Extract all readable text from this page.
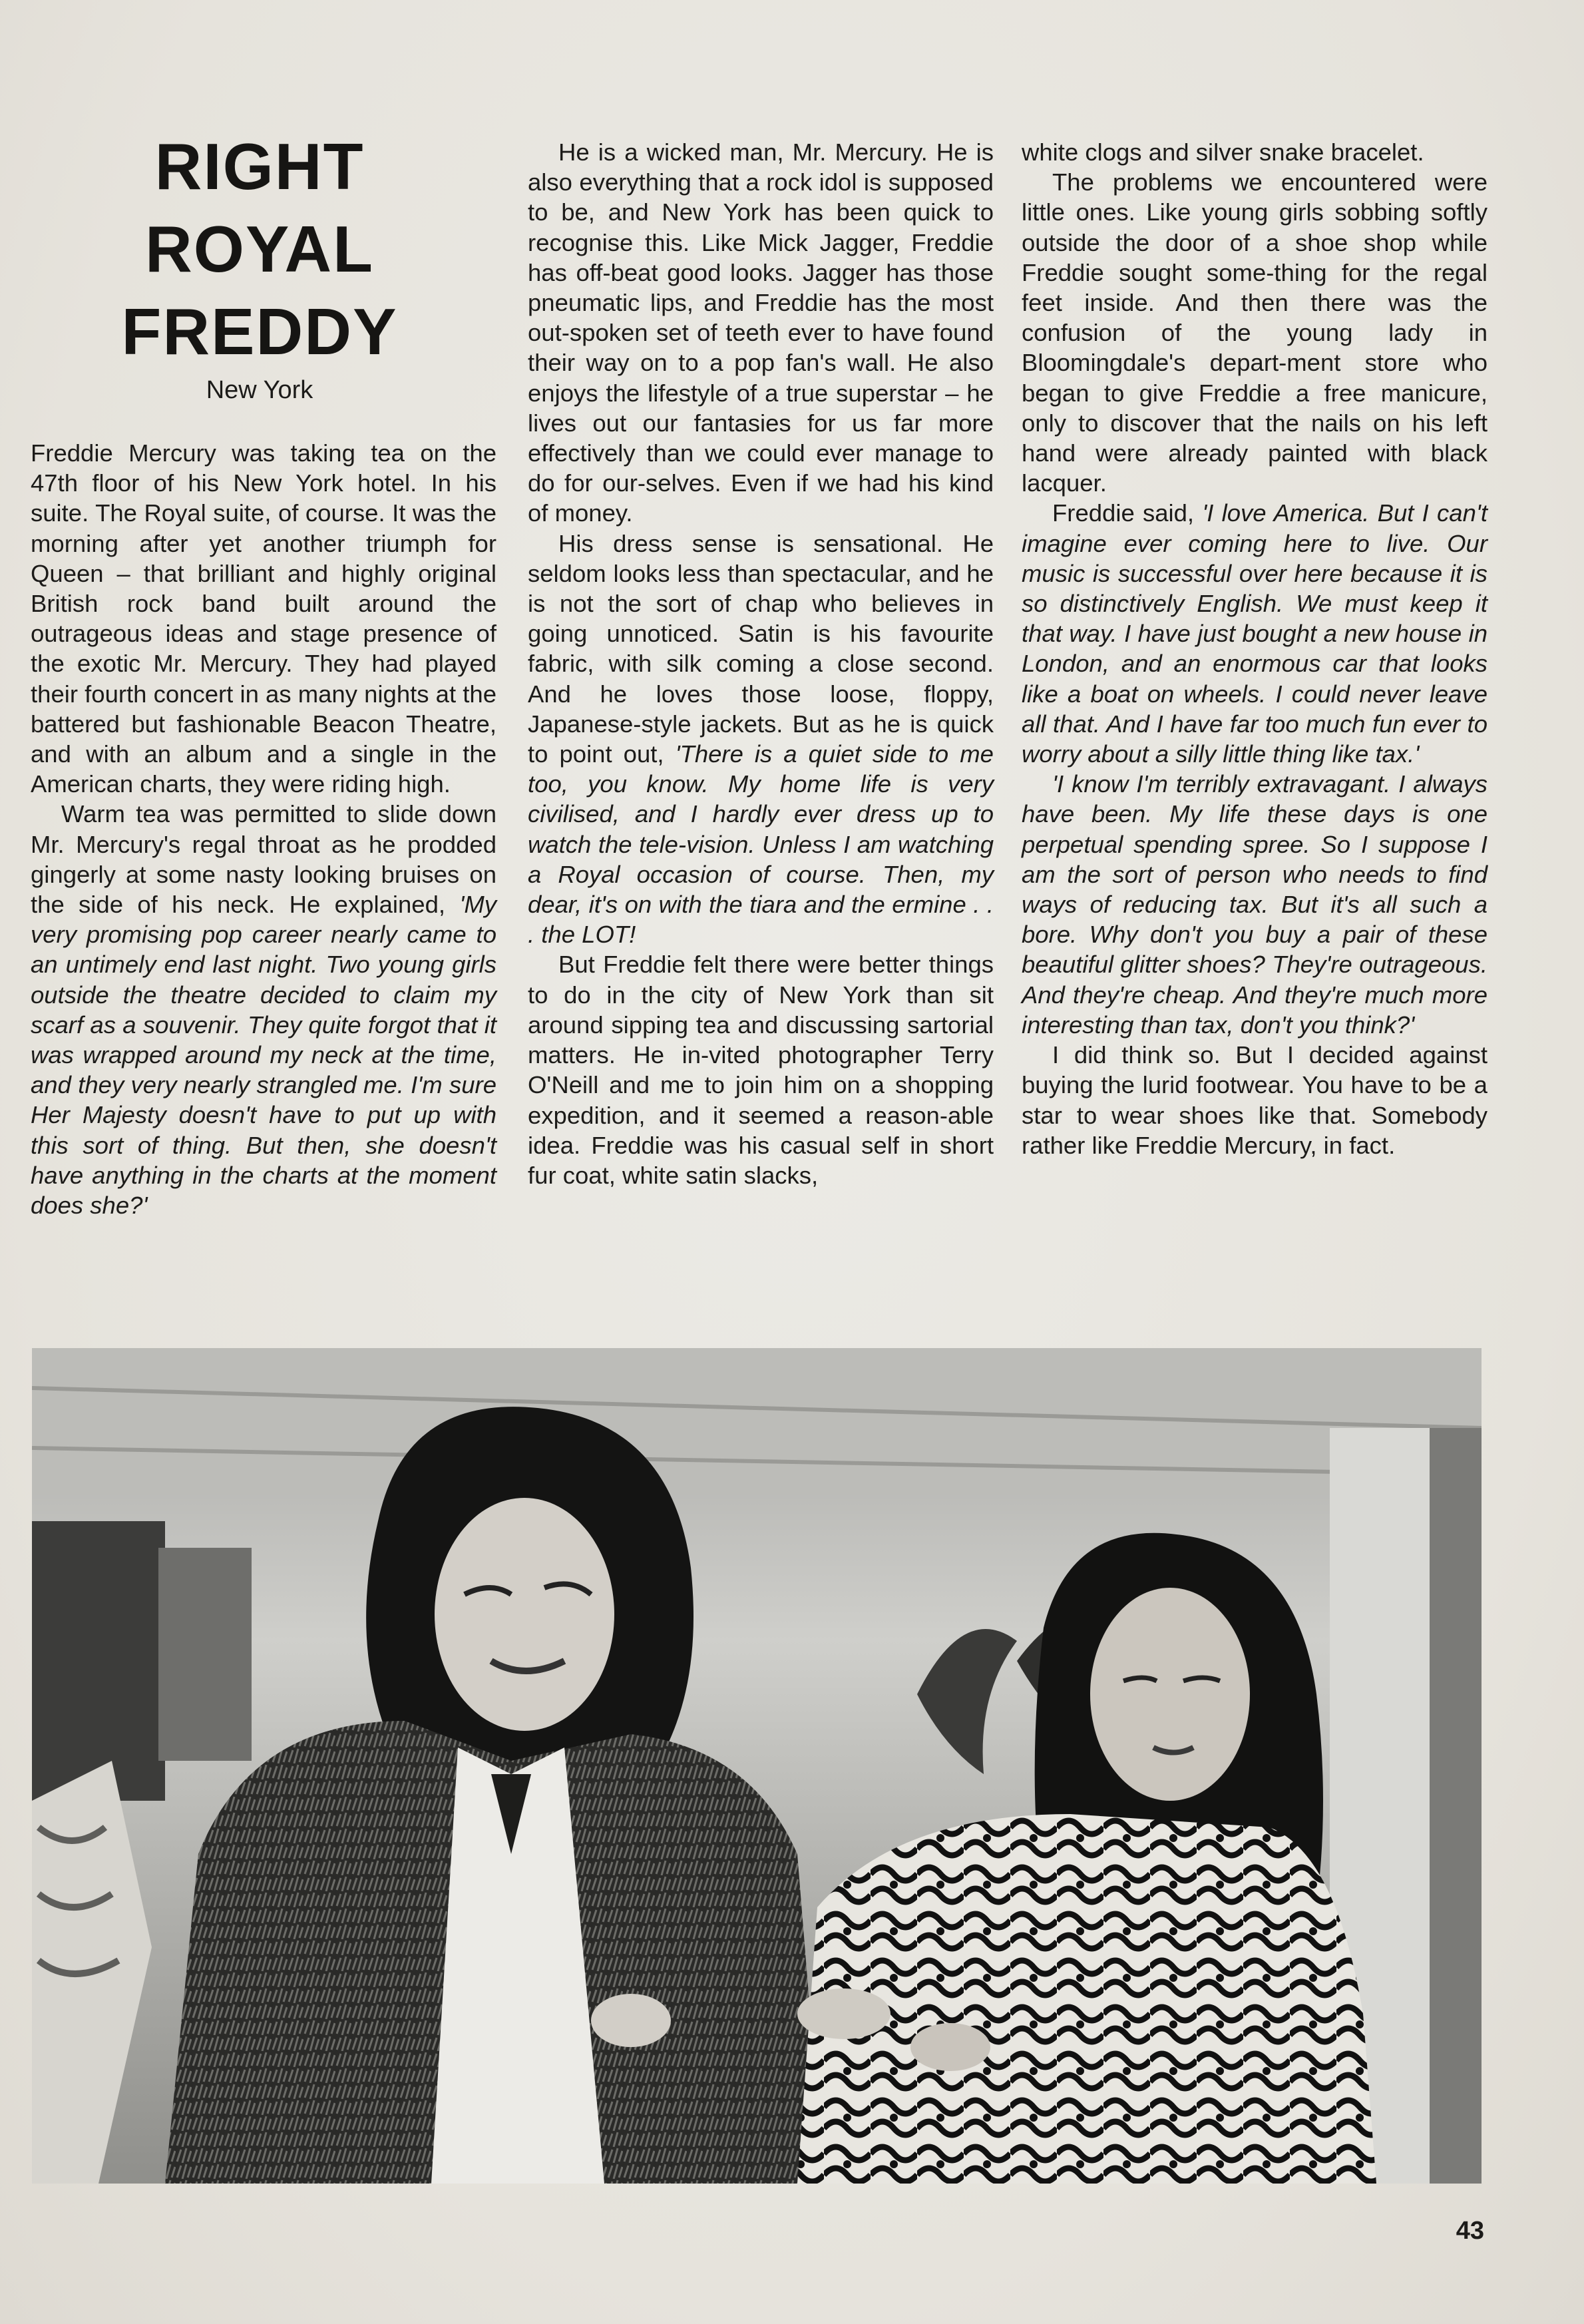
RIGHT
ROYAL
FREDDY
New York

Freddie Mercury was taking tea on the 47th floor of his New York hotel. In his suite. The Royal suite, of course. It was the morning after yet another triumph for Queen – that brilliant and highly original British rock band built around the outrageous ideas and stage presence of the exotic Mr. Mercury. They had played their fourth concert in as many nights at the battered but fashionable Beacon Theatre, and with an album and a single in the American charts, they were riding high.

Warm tea was permitted to slide down Mr. Mercury's regal throat as he prodded gingerly at some nasty looking bruises on the side of his neck. He explained, 'My very promising pop career nearly came to an untimely end last night. Two young girls outside the theatre decided to claim my scarf as a souvenir. They quite forgot that it was wrapped around my neck at the time, and they very nearly strangled me. I'm sure Her Majesty doesn't have to put up with this sort of thing. But then, she doesn't have anything in the charts at the moment does she?'

He is a wicked man, Mr. Mercury. He is also everything that a rock idol is supposed to be, and New York has been quick to recognise this. Like Mick Jagger, Freddie has off-beat good looks. Jagger has those pneumatic lips, and Freddie has the most out-spoken set of teeth ever to have found their way on to a pop fan's wall. He also enjoys the lifestyle of a true superstar – he lives out our fantasies for us far more effectively than we could ever manage to do for our-selves. Even if we had his kind of money.

His dress sense is sensational. He seldom looks less than spectacular, and he is not the sort of chap who believes in going unnoticed. Satin is his favourite fabric, with silk coming a close second. And he loves those loose, floppy, Japanese-style jackets. But as he is quick to point out, 'There is a quiet side to me too, you know. My home life is very civilised, and I hardly ever dress up to watch the tele-vision. Unless I am watching a Royal occasion of course. Then, my dear, it's on with the tiara and the ermine . . . the LOT!

But Freddie felt there were better things to do in the city of New York than sit around sipping tea and discussing sartorial matters. He in-vited photographer Terry O'Neill and me to join him on a shopping expedition, and it seemed a reason-able idea. Freddie was his casual self in short fur coat, white satin slacks,

white clogs and silver snake bracelet.

The problems we encountered were little ones. Like young girls sobbing softly outside the door of a shoe shop while Freddie sought some-thing for the regal feet inside. And then there was the confusion of the young lady in Bloomingdale's depart-ment store who began to give Freddie a free manicure, only to discover that the nails on his left hand were already painted with black lacquer.

Freddie said, 'I love America. But I can't imagine ever coming here to live. Our music is successful over here because it is so distinctively English. We must keep it that way. I have just bought a new house in London, and an enormous car that looks like a boat on wheels. I could never leave all that. And I have far too much fun ever to worry about a silly little thing like tax.'

'I know I'm terribly extravagant. I always have been. My life these days is one perpetual spending spree. So I suppose I am the sort of person who needs to find ways of reducing tax. But it's all such a bore. Why don't you buy a pair of these beautiful glitter shoes? They're outrageous. And they're cheap. And they're much more interesting than tax, don't you think?'

I did think so. But I decided against buying the lurid footwear. You have to be a star to wear shoes like that. Somebody rather like Freddie Mercury, in fact.

43
